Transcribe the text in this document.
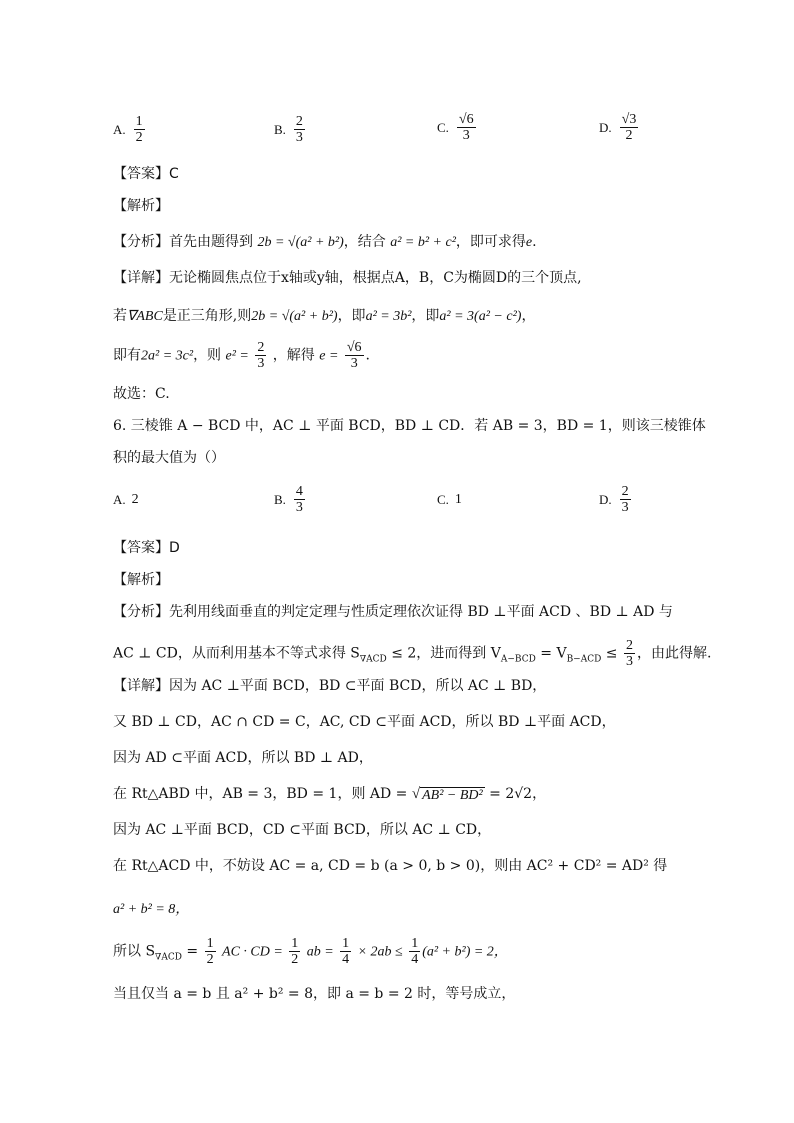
A. $\frac{1}{2}$	B. $\frac{2}{3}$	C. $\frac{√6}{3}$	D. $\frac{√3}{2}$
【答案】C
【解析】
【分析】首先由题得到 2b = √(a² + b²)，结合 a² = b² + c²，即可求得e.
【详解】无论椭圆焦点位于x轴或y轴，根据点A，B，C为椭圆D的三个顶点,
若∇ABC是正三角形,则2b = √(a² + b²)，即a² = 3b²，即a² = 3(a² − c²)，
即有2a² = 3c²，则 $e^2 = \frac{2}{3}$ ，解得 $e = \frac{√6}{3}$ .
故选：C.
6. 三棱锥 A − BCD 中，AC ⊥ 平面 BCD，BD ⊥ CD．若 AB = 3，BD = 1，则该三棱锥体
积的最大值为（）
A. 2	B. $\frac{4}{3}$	C. 1	D. $\frac{2}{3}$
【答案】D
【解析】
【分析】先利用线面垂直的判定定理与性质定理依次证得 BD ⊥平面 ACD 、BD ⊥ AD 与
AC ⊥ CD，从而利用基本不等式求得 $S_{\nabla ACD} \le 2$，进而得到 $V_{A-BCD} = V_{B-ACD} \le \frac{2}{3}$ ，由此得解.
【详解】因为 AC ⊥平面 BCD，BD ⊂平面 BCD，所以 AC ⊥ BD，
又 BD ⊥ CD，AC ∩ CD = C，AC, CD ⊂平面 ACD，所以 BD ⊥平面 ACD，
因为 AD ⊂平面 ACD，所以 BD ⊥ AD，
在 Rt△ABD 中，AB = 3，BD = 1，则 AD = √ AB² − BD² = 2√2，
因为 AC ⊥平面 BCD，CD ⊂平面 BCD，所以 AC ⊥ CD，
在 Rt△ACD 中，不妨设 AC = a, CD = b (a > 0, b > 0)，则由 AC² + CD² = AD² 得
a² + b² = 8，
所以 $S_{\nabla ACD} = \frac{1}{2}$ AC · CD = $\frac{1}{2}$ ab = $\frac{1}{4} \times 2ab \le \frac{1}{4} (a^2 + b^2) = 2$，
当且仅当 a = b 且 a² + b² = 8，即 a = b = 2 时，等号成立，
